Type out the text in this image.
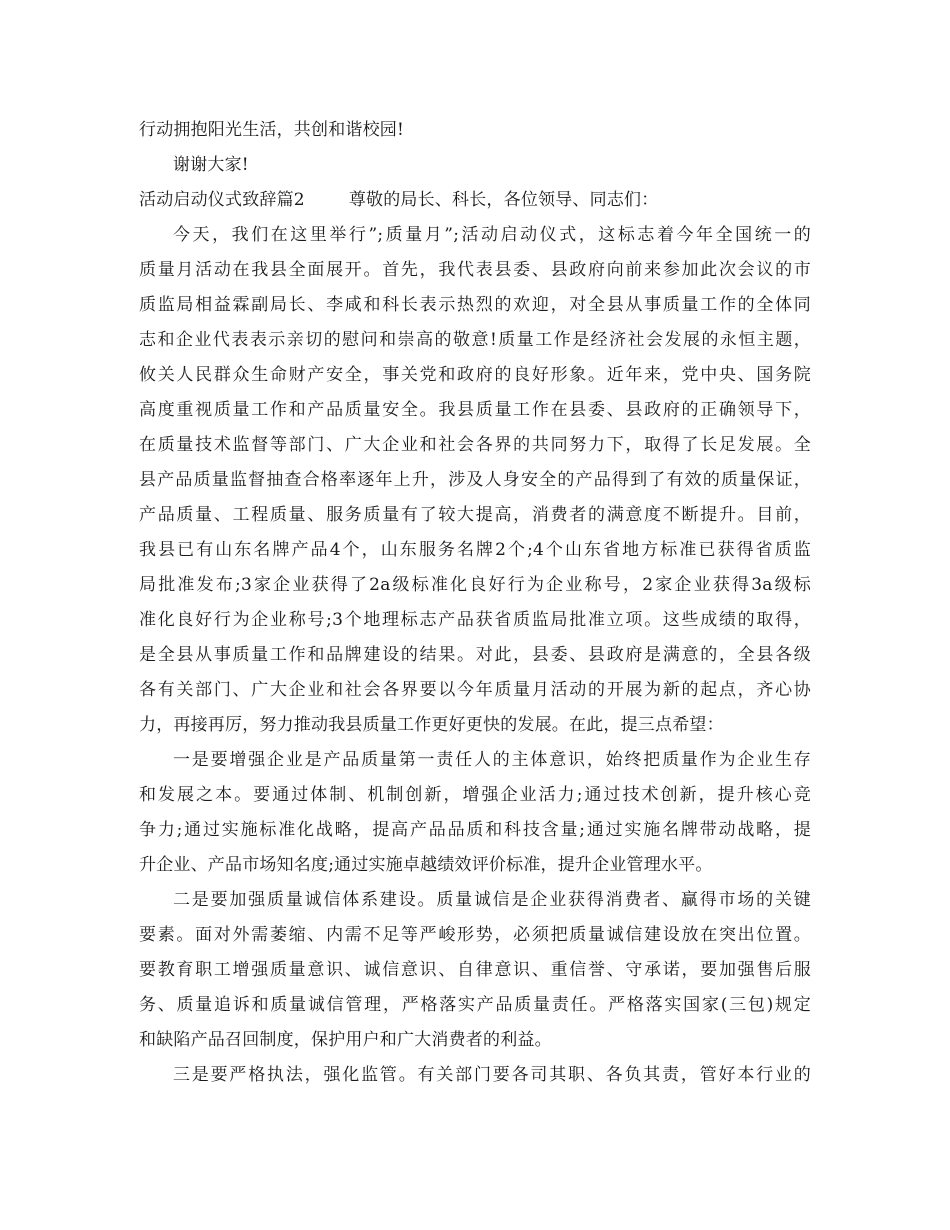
行动拥抱阳光生活，共创和谐校园!
谢谢大家!
活动启动仪式致辞篇2	尊敬的局长、科长，各位领导、同志们：
今天，我们在这里举行”;质量月”;活动启动仪式，这标志着今年全国统一的
质量月活动在我县全面展开。首先，我代表县委、县政府向前来参加此次会议的市
质监局相益霖副局长、李咸和科长表示热烈的欢迎，对全县从事质量工作的全体同
志和企业代表表示亲切的慰问和崇高的敬意!质量工作是经济社会发展的永恒主题，
攸关人民群众生命财产安全，事关党和政府的良好形象。近年来，党中央、国务院
高度重视质量工作和产品质量安全。我县质量工作在县委、县政府的正确领导下，
在质量技术监督等部门、广大企业和社会各界的共同努力下，取得了长足发展。全
县产品质量监督抽查合格率逐年上升，涉及人身安全的产品得到了有效的质量保证，
产品质量、工程质量、服务质量有了较大提高，消费者的满意度不断提升。目前，
我县已有山东名牌产品4个，山东服务名牌2个;4个山东省地方标准已获得省质监
局批准发布;3家企业获得了2a级标准化良好行为企业称号，2家企业获得3a级标
准化良好行为企业称号;3个地理标志产品获省质监局批准立项。这些成绩的取得，
是全县从事质量工作和品牌建设的结果。对此，县委、县政府是满意的，全县各级
各有关部门、广大企业和社会各界要以今年质量月活动的开展为新的起点，齐心协
力，再接再厉，努力推动我县质量工作更好更快的发展。在此，提三点希望：
一是要增强企业是产品质量第一责任人的主体意识，始终把质量作为企业生存
和发展之本。要通过体制、机制创新，增强企业活力;通过技术创新，提升核心竞
争力;通过实施标准化战略，提高产品品质和科技含量;通过实施名牌带动战略，提
升企业、产品市场知名度;通过实施卓越绩效评价标准，提升企业管理水平。
二是要加强质量诚信体系建设。质量诚信是企业获得消费者、赢得市场的关键
要素。面对外需萎缩、内需不足等严峻形势，必须把质量诚信建设放在突出位置。
要教育职工增强质量意识、诚信意识、自律意识、重信誉、守承诺，要加强售后服
务、质量追诉和质量诚信管理，严格落实产品质量责任。严格落实国家(三包)规定
和缺陷产品召回制度，保护用户和广大消费者的利益。
三是要严格执法，强化监管。有关部门要各司其职、各负其责，管好本行业的
